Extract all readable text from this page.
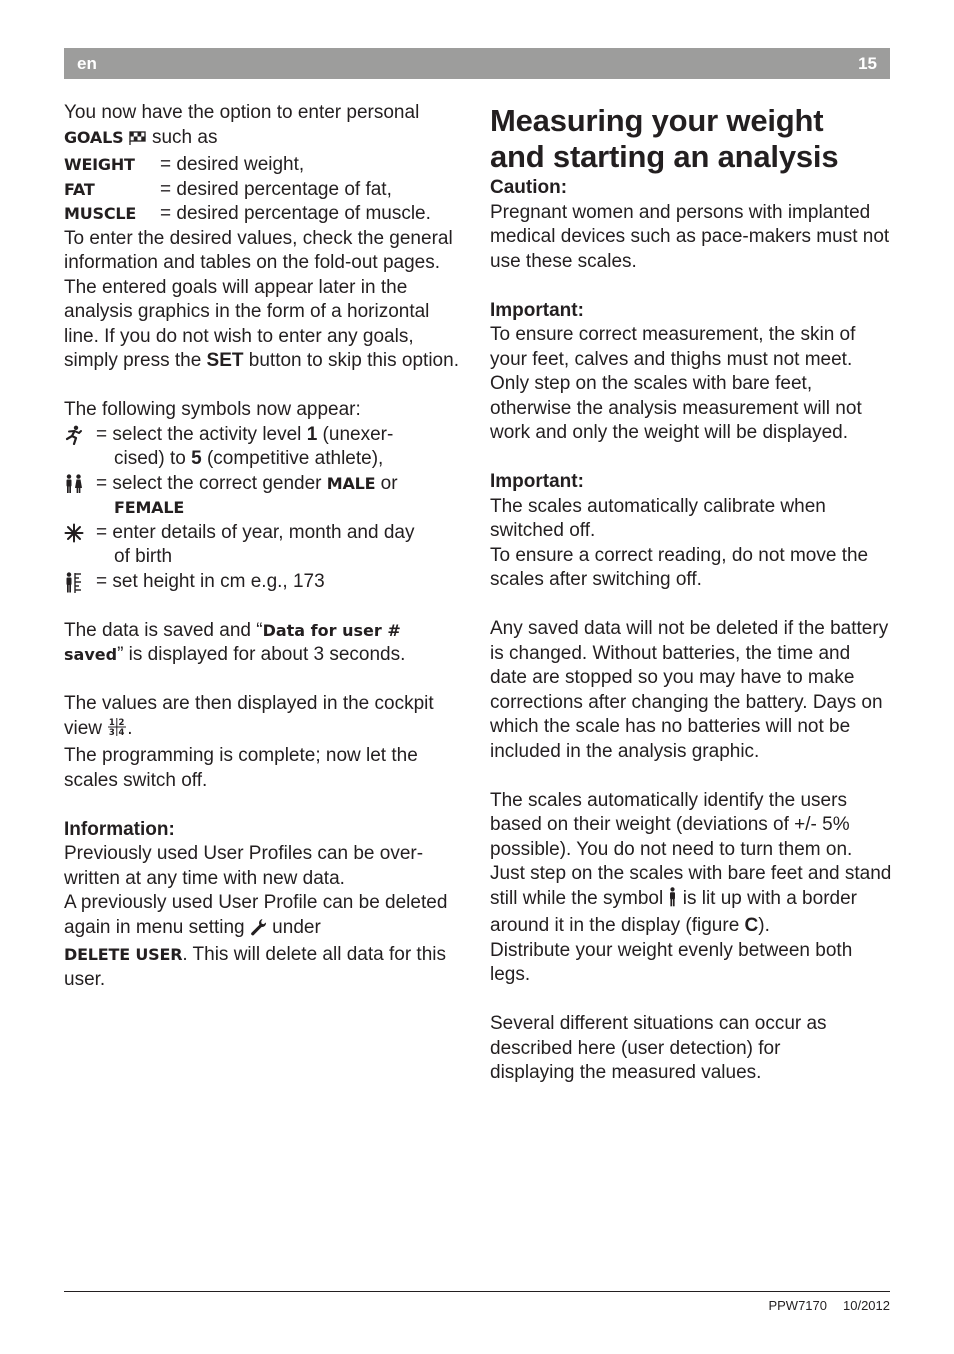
en	15

You now have the option to enter personal
GOALS  such as

WEIGHT	= desired weight,
FAT	= desired percentage of fat,
MUSCLE	= desired percentage of muscle.

To enter the desired values, check the general information and tables on the fold-out pages.

The entered goals will appear later in the analysis graphics in the form of a horizontal line. If you do not wish to enter any goals, simply press the SET button to skip this option.

The following symbols now appear:

= select the activity level 1 (unexer-
cised) to 5 (competitive athlete),
= select the correct gender MALE or
FEMALE
= enter details of year, month and day
of birth
= set height in cm e.g., 173

The data is saved and “Data for user #
saved” is displayed for about 3 seconds.

The values are then displayed in the cockpit
view 1 2
3 4 .

The programming is complete; now let the scales switch off.

Information:

Previously used User Profiles can be over-written at any time with new data.

A previously used User Profile can be deleted again in menu setting  under
DELETE USER. This will delete all data for this user.

Measuring your weight
and starting an analysis

Caution:

Pregnant women and persons with implanted medical devices such as pace-makers must not use these scales.

Important:

To ensure correct measurement, the skin of your feet, calves and thighs must not meet. Only step on the scales with bare feet, otherwise the analysis measurement will not work and only the weight will be displayed.

Important:

The scales automatically calibrate when switched off.

To ensure a correct reading, do not move the scales after switching off.

Any saved data will not be deleted if the battery is changed. Without batteries, the time and date are stopped so you may have to make corrections after changing the battery. Days on which the scale has no batteries will not be included in the analysis graphic.

The scales automatically identify the users based on their weight (deviations of +/- 5% possible). You do not need to turn them on. Just step on the scales with bare feet and stand still while the symbol  is lit up with a border around it in the display (figure C).
Distribute your weight evenly between both legs.

Several different situations can occur as described here (user detection) for displaying the measured values.

PPW7170 10/2012
